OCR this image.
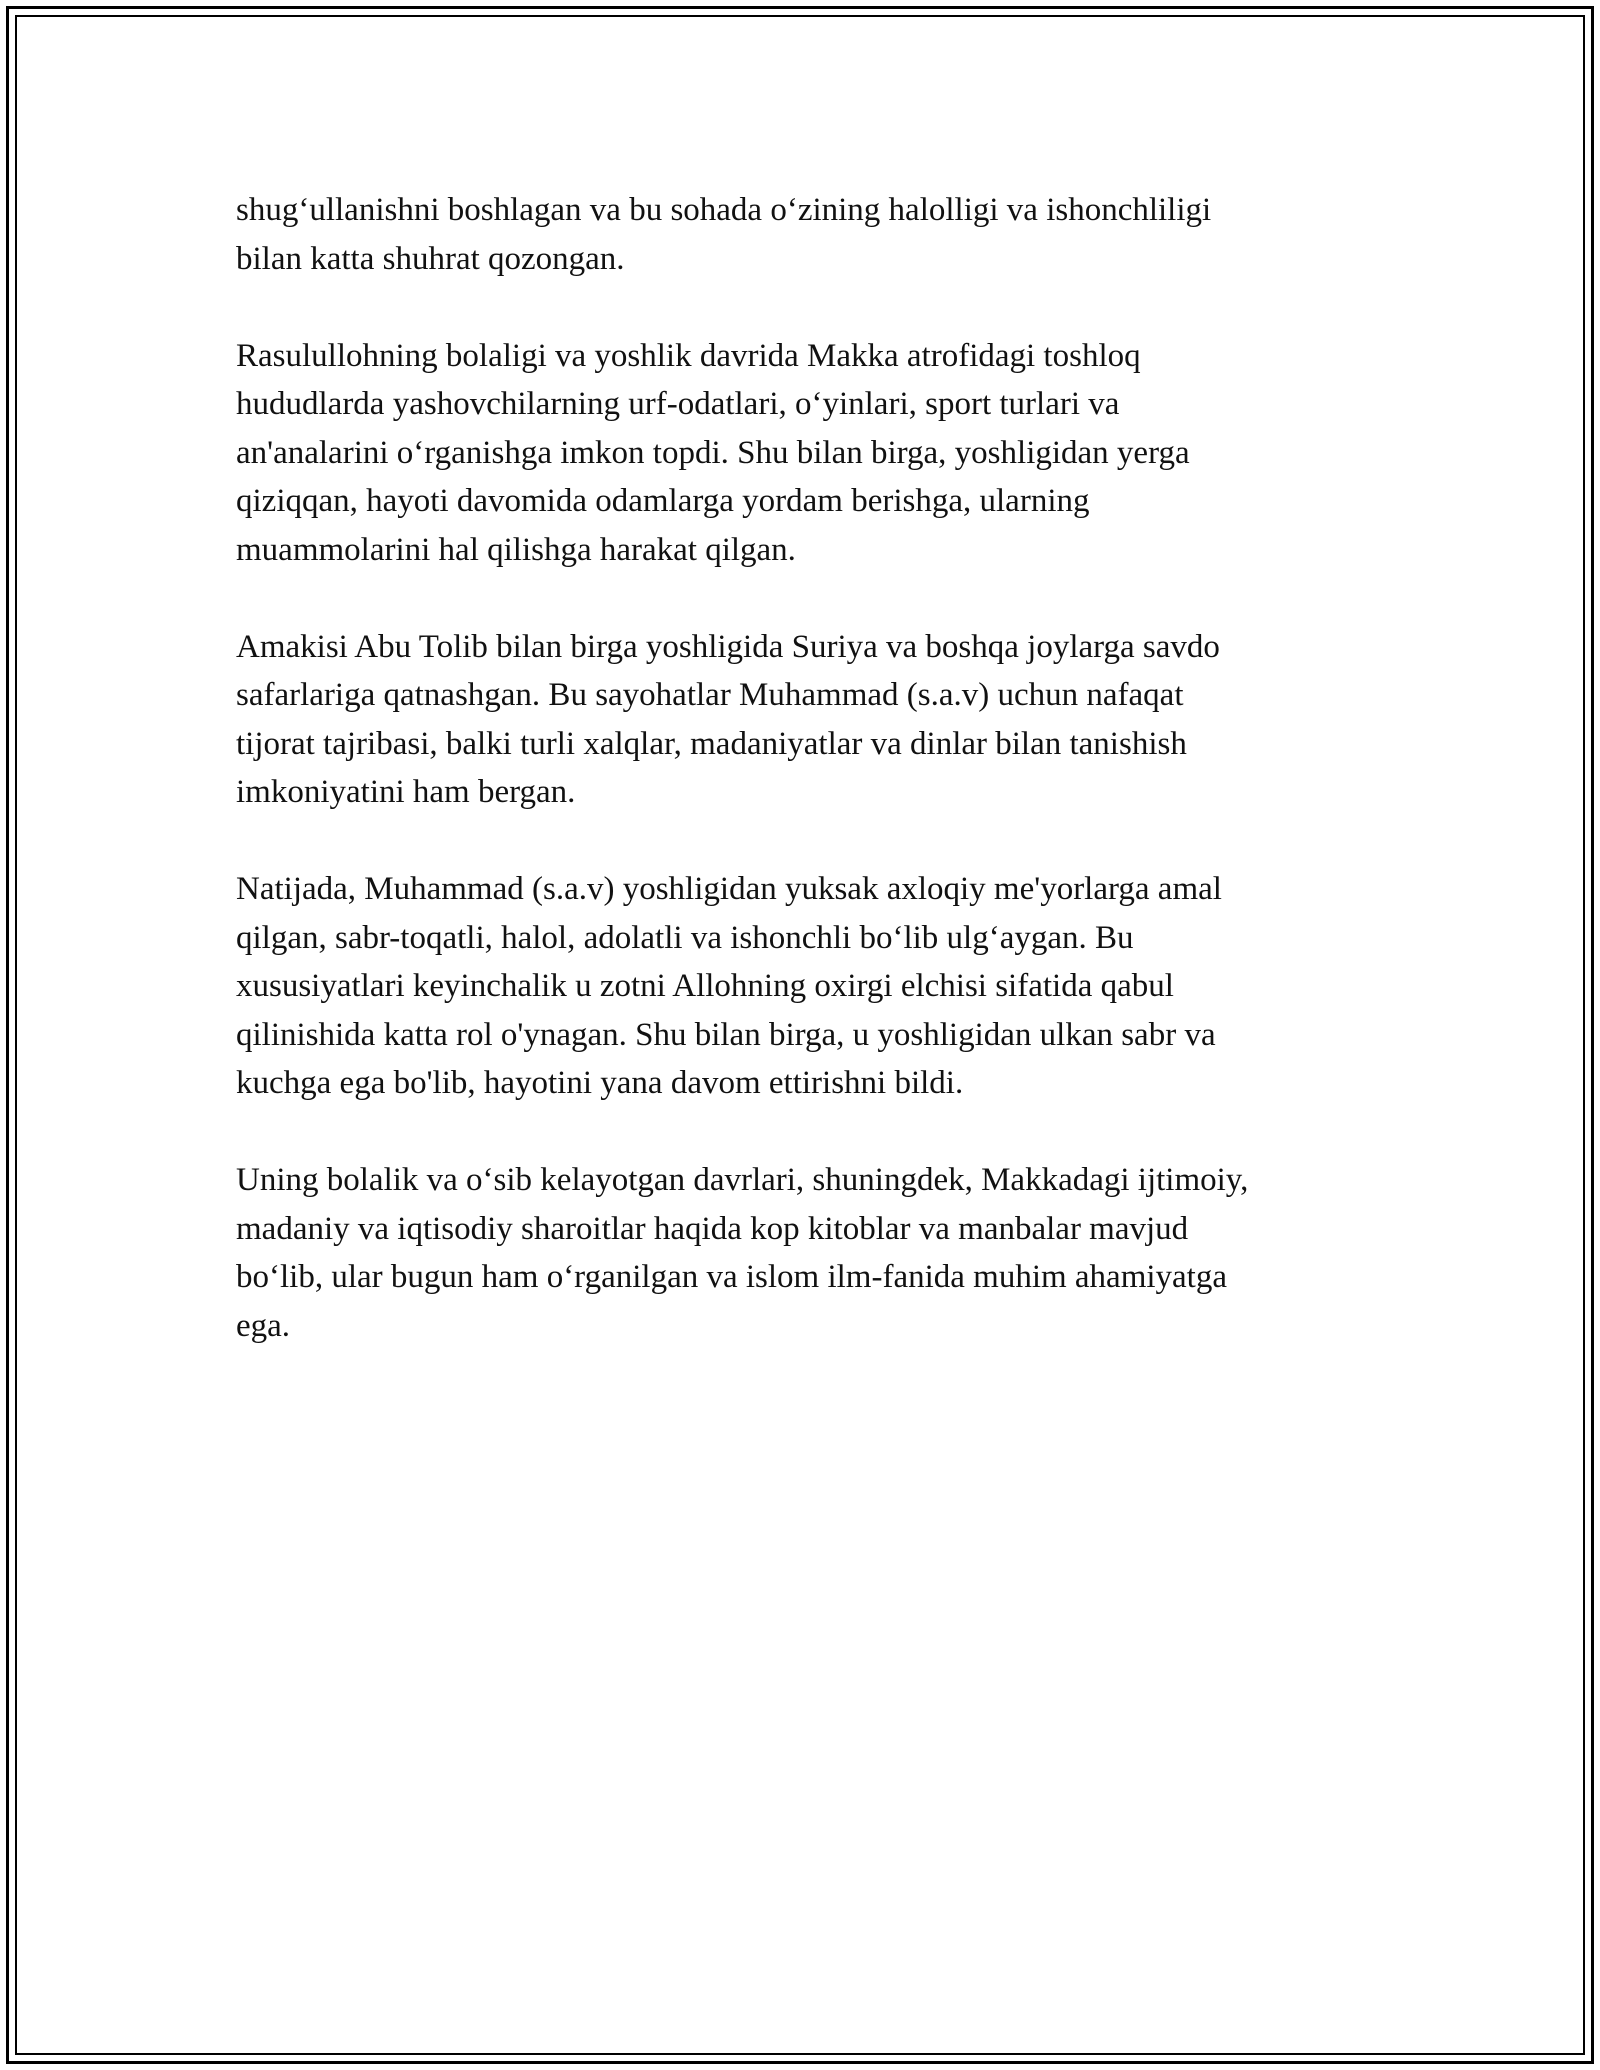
shug‘ullanishni boshlagan va bu sohada o‘zining halolligi va ishonchliligi
bilan katta shuhrat qozongan.

Rasulullohning bolaligi va yoshlik davrida Makka atrofidagi toshloq
hududlarda yashovchilarning urf-odatlari, o‘yinlari, sport turlari va
an'analarini o‘rganishga imkon topdi. Shu bilan birga, yoshligidan yerga
qiziqqan, hayoti davomida odamlarga yordam berishga, ularning
muammolarini hal qilishga harakat qilgan.

Amakisi Abu Tolib bilan birga yoshligida Suriya va boshqa joylarga savdo
safarlariga qatnashgan. Bu sayohatlar Muhammad (s.a.v) uchun nafaqat
tijorat tajribasi, balki turli xalqlar, madaniyatlar va dinlar bilan tanishish
imkoniyatini ham bergan.

Natijada, Muhammad (s.a.v) yoshligidan yuksak axloqiy me'yorlarga amal
qilgan, sabr-toqatli, halol, adolatli va ishonchli bo‘lib ulg‘aygan. Bu
xususiyatlari keyinchalik u zotni Allohning oxirgi elchisi sifatida qabul
qilinishida katta rol o'ynagan. Shu bilan birga, u yoshligidan ulkan sabr va
kuchga ega bo'lib, hayotini yana davom ettirishni bildi.

Uning bolalik va o‘sib kelayotgan davrlari, shuningdek, Makkadagi ijtimoiy,
madaniy va iqtisodiy sharoitlar haqida kop kitoblar va manbalar mavjud
bo‘lib, ular bugun ham o‘rganilgan va islom ilm-fanida muhim ahamiyatga
ega.
